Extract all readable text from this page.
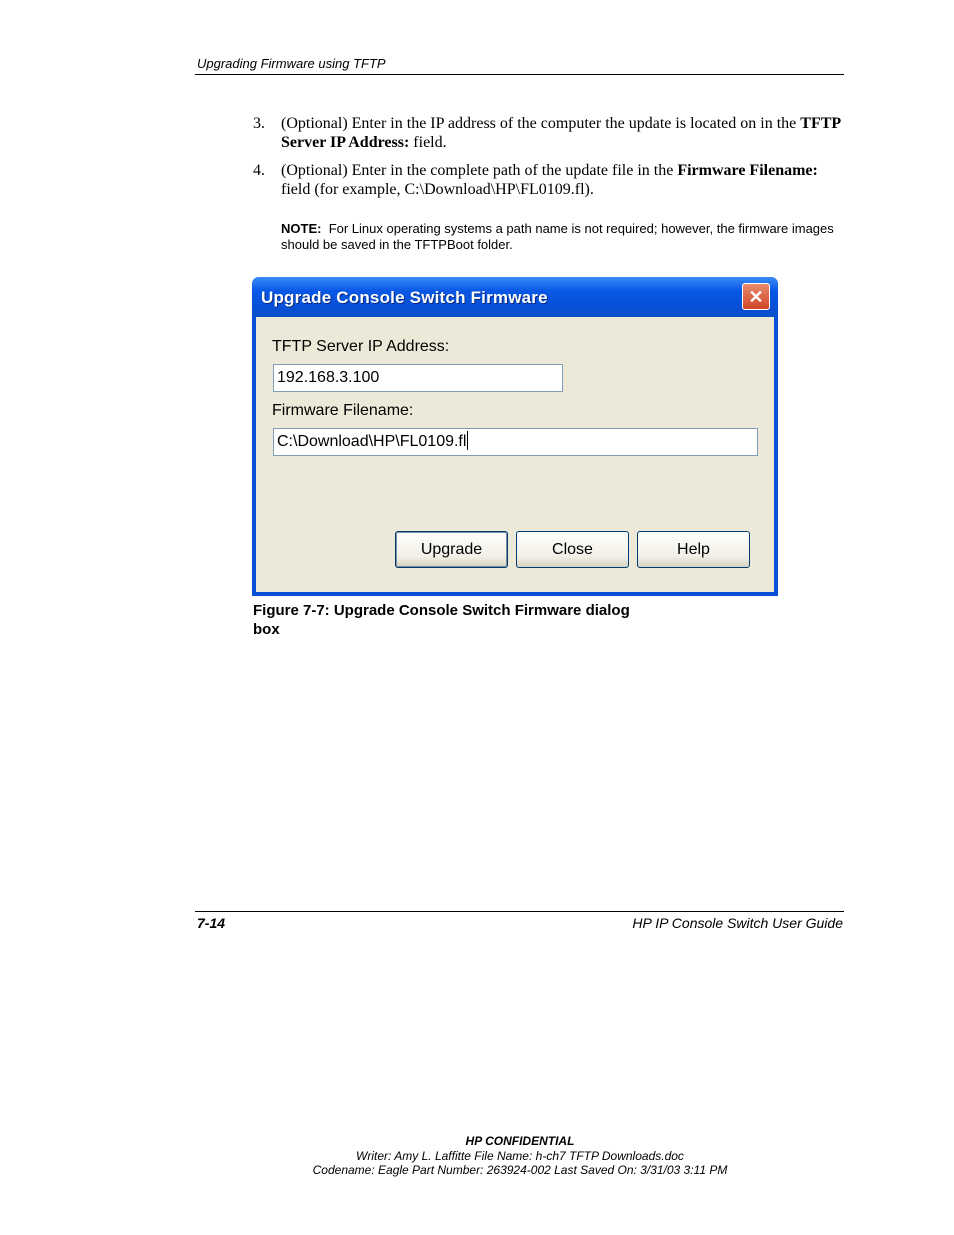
Upgrading Firmware using TFTP
3. (Optional) Enter in the IP address of the computer the update is located on in the TFTP Server IP Address: field.
4. (Optional) Enter in the complete path of the update file in the Firmware Filename: field (for example, C:\Download\HP\FL0109.fl).
NOTE: For Linux operating systems a path name is not required; however, the firmware images should be saved in the TFTPBoot folder.
Upgrade Console Switch Firmware	✕
TFTP Server IP Address:
192.168.3.100
Firmware Filename:
C:\Download\HP\FL0109.fl
Upgrade	Close	Help
Figure 7-7: Upgrade Console Switch Firmware dialog box
7-14	HP IP Console Switch User Guide
HP CONFIDENTIAL
Writer: Amy L. Laffitte File Name: h-ch7 TFTP Downloads.doc
Codename: Eagle Part Number: 263924-002 Last Saved On: 3/31/03 3:11 PM
